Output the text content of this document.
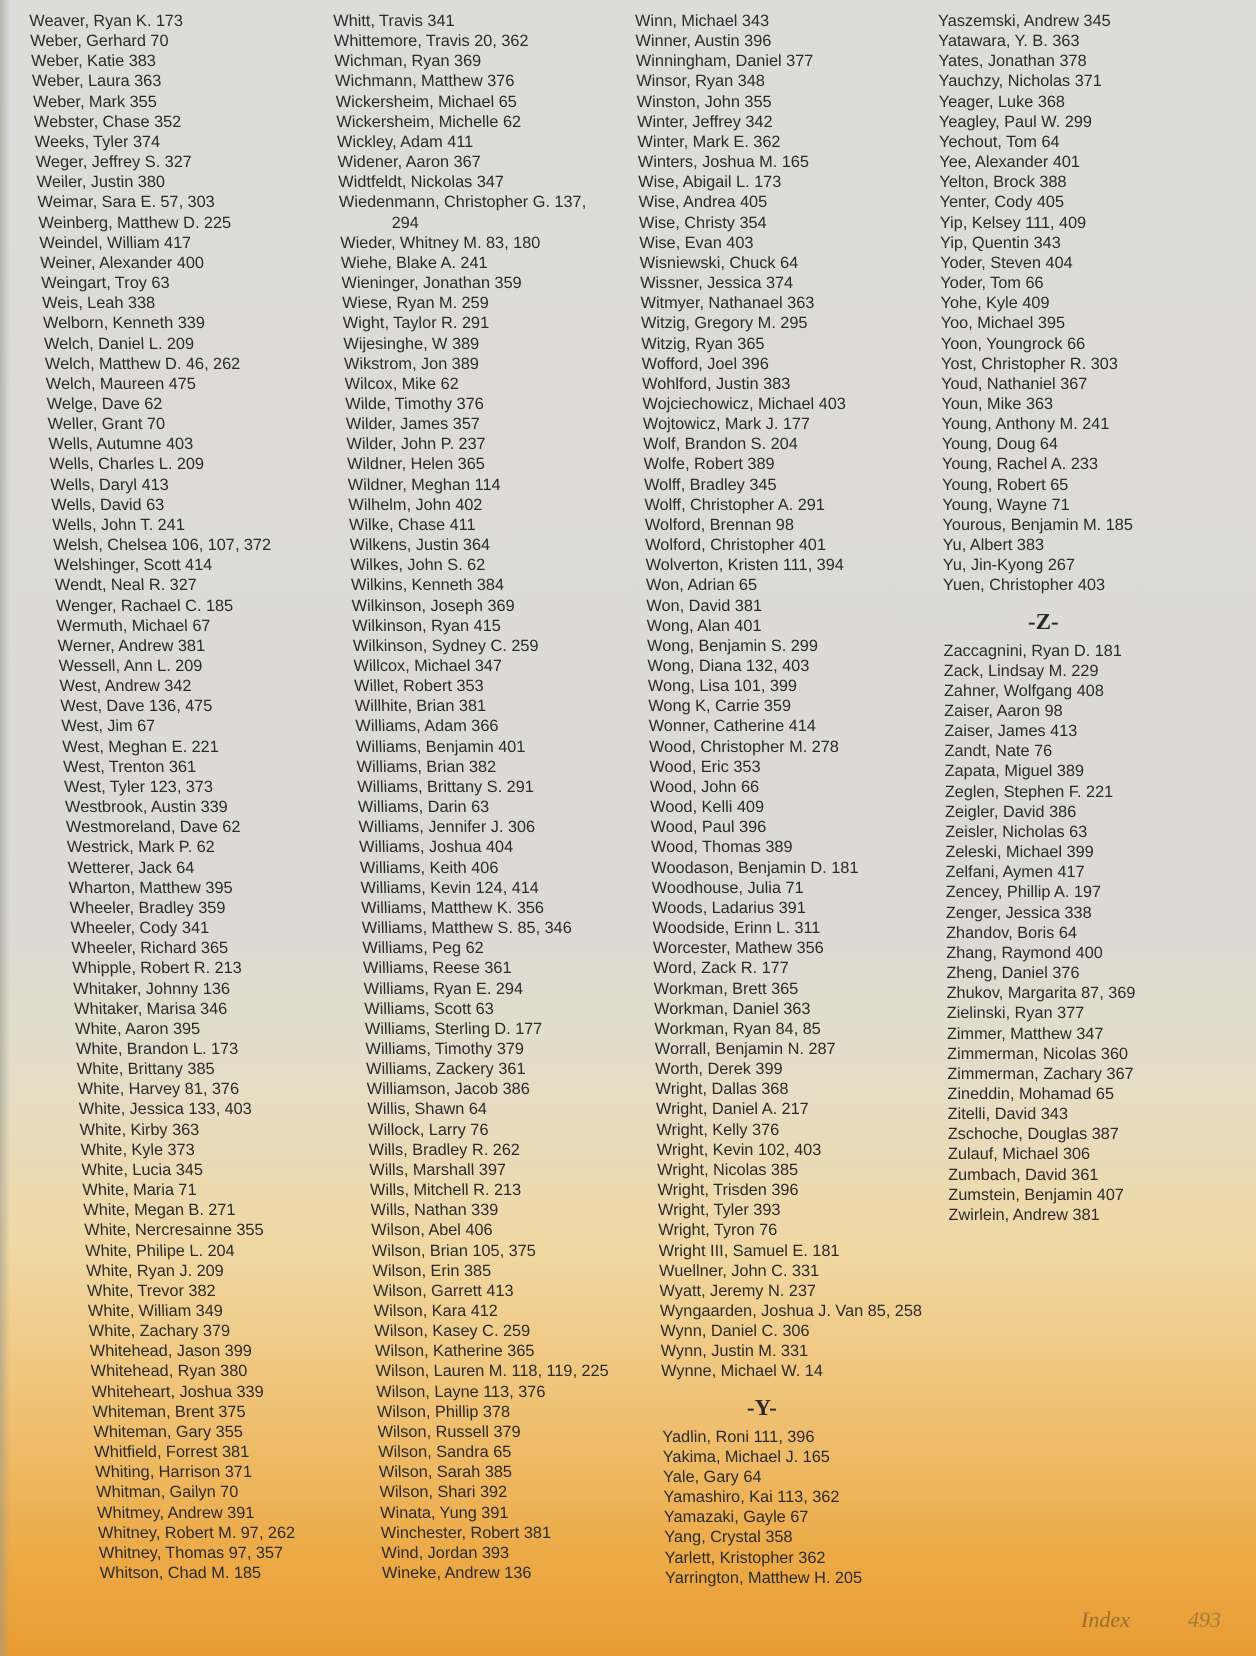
Weaver, Ryan K. 173
Weber, Gerhard 70
Weber, Katie 383
Weber, Laura 363
Weber, Mark 355
Webster, Chase 352
Weeks, Tyler 374
Weger, Jeffrey S. 327
Weiler, Justin 380
Weimar, Sara E. 57, 303
Weinberg, Matthew D. 225
Weindel, William 417
Weiner, Alexander 400
Weingart, Troy 63
Weis, Leah 338
Welborn, Kenneth 339
Welch, Daniel L. 209
Welch, Matthew D. 46, 262
Welch, Maureen 475
Welge, Dave 62
Weller, Grant 70
Wells, Autumne 403
Wells, Charles L. 209
Wells, Daryl 413
Wells, David 63
Wells, John T. 241
Welsh, Chelsea 106, 107, 372
Welshinger, Scott 414
Wendt, Neal R. 327
Wenger, Rachael C. 185
Wermuth, Michael 67
Werner, Andrew 381
Wessell, Ann L. 209
West, Andrew 342
West, Dave 136, 475
West, Jim 67
West, Meghan E. 221
West, Trenton 361
West, Tyler 123, 373
Westbrook, Austin 339
Westmoreland, Dave 62
Westrick, Mark P. 62
Wetterer, Jack 64
Wharton, Matthew 395
Wheeler, Bradley 359
Wheeler, Cody 341
Wheeler, Richard 365
Whipple, Robert R. 213
Whitaker, Johnny 136
Whitaker, Marisa 346
White, Aaron 395
White, Brandon L. 173
White, Brittany 385
White, Harvey 81, 376
White, Jessica 133, 403
White, Kirby 363
White, Kyle 373
White, Lucia 345
White, Maria 71
White, Megan B. 271
White, Nercresainne 355
White, Philipe L. 204
White, Ryan J. 209
White, Trevor 382
White, William 349
White, Zachary 379
Whitehead, Jason 399
Whitehead, Ryan 380
Whiteheart, Joshua 339
Whiteman, Brent 375
Whiteman, Gary 355
Whitfield, Forrest 381
Whiting, Harrison 371
Whitman, Gailyn 70
Whitmey, Andrew 391
Whitney, Robert M. 97, 262
Whitney, Thomas 97, 357
Whitson, Chad M. 185
Whitt, Travis 341
Whittemore, Travis 20, 362
Wichman, Ryan 369
Wichmann, Matthew 376
Wickersheim, Michael 65
Wickersheim, Michelle 62
Wickley, Adam 411
Widener, Aaron 367
Widtfeldt, Nickolas 347
Wiedenmann, Christopher G. 137,
294
Wieder, Whitney M. 83, 180
Wiehe, Blake A. 241
Wieninger, Jonathan 359
Wiese, Ryan M. 259
Wight, Taylor R. 291
Wijesinghe, W 389
Wikstrom, Jon 389
Wilcox, Mike 62
Wilde, Timothy 376
Wilder, James 357
Wilder, John P. 237
Wildner, Helen 365
Wildner, Meghan 114
Wilhelm, John 402
Wilke, Chase 411
Wilkens, Justin 364
Wilkes, John S. 62
Wilkins, Kenneth 384
Wilkinson, Joseph 369
Wilkinson, Ryan 415
Wilkinson, Sydney C. 259
Willcox, Michael 347
Willet, Robert 353
Willhite, Brian 381
Williams, Adam 366
Williams, Benjamin 401
Williams, Brian 382
Williams, Brittany S. 291
Williams, Darin 63
Williams, Jennifer J. 306
Williams, Joshua 404
Williams, Keith 406
Williams, Kevin 124, 414
Williams, Matthew K. 356
Williams, Matthew S. 85, 346
Williams, Peg 62
Williams, Reese 361
Williams, Ryan E. 294
Williams, Scott 63
Williams, Sterling D. 177
Williams, Timothy 379
Williams, Zackery 361
Williamson, Jacob 386
Willis, Shawn 64
Willock, Larry 76
Wills, Bradley R. 262
Wills, Marshall 397
Wills, Mitchell R. 213
Wills, Nathan 339
Wilson, Abel 406
Wilson, Brian 105, 375
Wilson, Erin 385
Wilson, Garrett 413
Wilson, Kara 412
Wilson, Kasey C. 259
Wilson, Katherine 365
Wilson, Lauren M. 118, 119, 225
Wilson, Layne 113, 376
Wilson, Phillip 378
Wilson, Russell 379
Wilson, Sandra 65
Wilson, Sarah 385
Wilson, Shari 392
Winata, Yung 391
Winchester, Robert 381
Wind, Jordan 393
Wineke, Andrew 136
Winn, Michael 343
Winner, Austin 396
Winningham, Daniel 377
Winsor, Ryan 348
Winston, John 355
Winter, Jeffrey 342
Winter, Mark E. 362
Winters, Joshua M. 165
Wise, Abigail L. 173
Wise, Andrea 405
Wise, Christy 354
Wise, Evan 403
Wisniewski, Chuck 64
Wissner, Jessica 374
Witmyer, Nathanael 363
Witzig, Gregory M. 295
Witzig, Ryan 365
Wofford, Joel 396
Wohlford, Justin 383
Wojciechowicz, Michael 403
Wojtowicz, Mark J. 177
Wolf, Brandon S. 204
Wolfe, Robert 389
Wolff, Bradley 345
Wolff, Christopher A. 291
Wolford, Brennan 98
Wolford, Christopher 401
Wolverton, Kristen 111, 394
Won, Adrian 65
Won, David 381
Wong, Alan 401
Wong, Benjamin S. 299
Wong, Diana 132, 403
Wong, Lisa 101, 399
Wong K, Carrie 359
Wonner, Catherine 414
Wood, Christopher M. 278
Wood, Eric 353
Wood, John 66
Wood, Kelli 409
Wood, Paul 396
Wood, Thomas 389
Woodason, Benjamin D. 181
Woodhouse, Julia 71
Woods, Ladarius 391
Woodside, Erinn L. 311
Worcester, Mathew 356
Word, Zack R. 177
Workman, Brett 365
Workman, Daniel 363
Workman, Ryan 84, 85
Worrall, Benjamin N. 287
Worth, Derek 399
Wright, Dallas 368
Wright, Daniel A. 217
Wright, Kelly 376
Wright, Kevin 102, 403
Wright, Nicolas 385
Wright, Trisden 396
Wright, Tyler 393
Wright, Tyron 76
Wright III, Samuel E. 181
Wuellner, John C. 331
Wyatt, Jeremy N. 237
Wyngaarden, Joshua J. Van 85, 258
Wynn, Daniel C. 306
Wynn, Justin M. 331
Wynne, Michael W. 14
-Y-
Yadlin, Roni 111, 396
Yakima, Michael J. 165
Yale, Gary 64
Yamashiro, Kai 113, 362
Yamazaki, Gayle 67
Yang, Crystal 358
Yarlett, Kristopher 362
Yarrington, Matthew H. 205
Yaszemski, Andrew 345
Yatawara, Y. B. 363
Yates, Jonathan 378
Yauchzy, Nicholas 371
Yeager, Luke 368
Yeagley, Paul W. 299
Yechout, Tom 64
Yee, Alexander 401
Yelton, Brock 388
Yenter, Cody 405
Yip, Kelsey 111, 409
Yip, Quentin 343
Yoder, Steven 404
Yoder, Tom 66
Yohe, Kyle 409
Yoo, Michael 395
Yoon, Youngrock 66
Yost, Christopher R. 303
Youd, Nathaniel 367
Youn, Mike 363
Young, Anthony M. 241
Young, Doug 64
Young, Rachel A. 233
Young, Robert 65
Young, Wayne 71
Yourous, Benjamin M. 185
Yu, Albert 383
Yu, Jin-Kyong 267
Yuen, Christopher 403
-Z-
Zaccagnini, Ryan D. 181
Zack, Lindsay M. 229
Zahner, Wolfgang 408
Zaiser, Aaron 98
Zaiser, James 413
Zandt, Nate 76
Zapata, Miguel 389
Zeglen, Stephen F. 221
Zeigler, David 386
Zeisler, Nicholas 63
Zeleski, Michael 399
Zelfani, Aymen 417
Zencey, Phillip A. 197
Zenger, Jessica 338
Zhandov, Boris 64
Zhang, Raymond 400
Zheng, Daniel 376
Zhukov, Margarita 87, 369
Zielinski, Ryan 377
Zimmer, Matthew 347
Zimmerman, Nicolas 360
Zimmerman, Zachary 367
Zineddin, Mohamad 65
Zitelli, David 343
Zschoche, Douglas 387
Zulauf, Michael 306
Zumbach, David 361
Zumstein, Benjamin 407
Zwirlein, Andrew 381
Index	493
